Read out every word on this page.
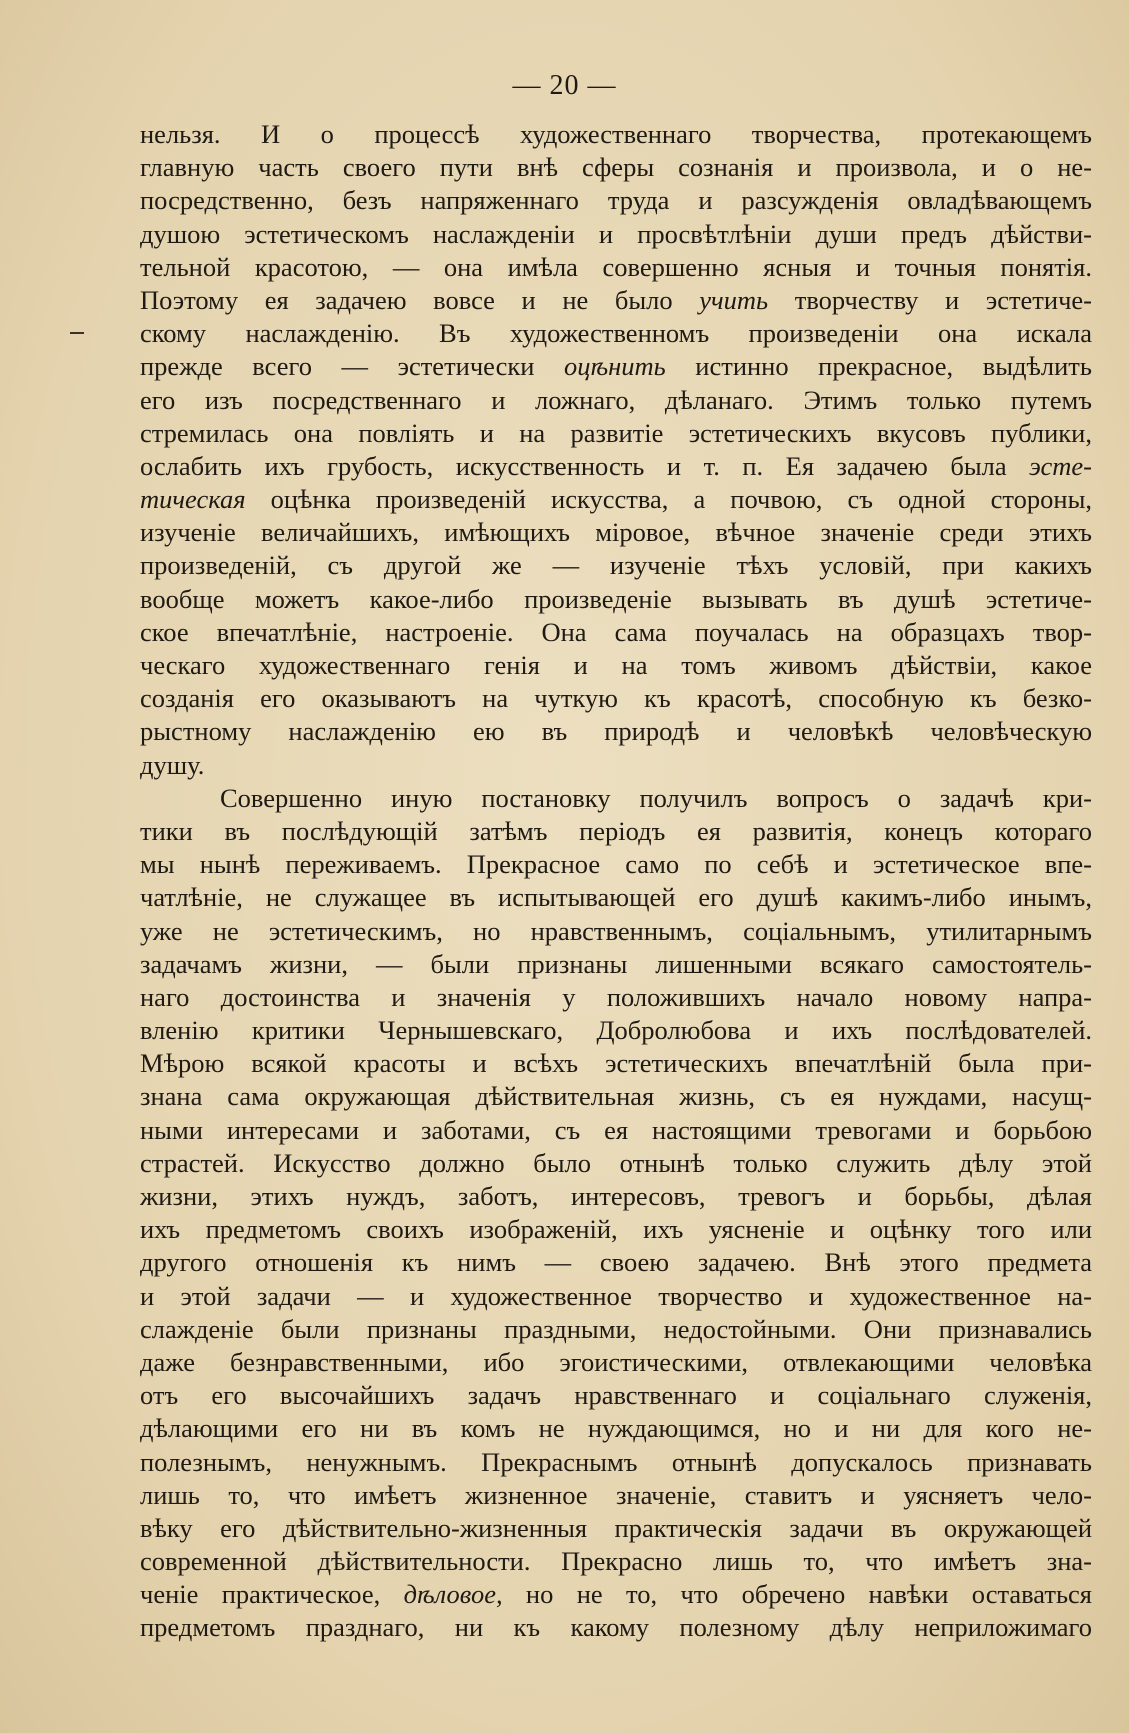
— 20 —
нельзя. И о процессѣ художественнаго творчества, протекающемъ
главную часть своего пути внѣ сферы сознанія и произвола, и о не-
посредственно, безъ напряженнаго труда и разсужденія овладѣвающемъ
душою эстетическомъ наслажденіи и просвѣтлѣніи души предъ дѣйстви-
тельной красотою, — она имѣла совершенно ясныя и точныя понятія.
Поэтому ея задачею вовсе и не было учить творчеству и эстетиче-
скому наслажденію. Въ художественномъ произведеніи она искала
прежде всего — эстетически оцѣнить истинно прекрасное, выдѣлить
его изъ посредственнаго и ложнаго, дѣланаго. Этимъ только путемъ
стремилась она повліять и на развитіе эстетическихъ вкусовъ публики,
ослабить ихъ грубость, искусственность и т. п. Ея задачею была эсте-
тическая оцѣнка произведеній искусства, а почвою, съ одной стороны,
изученіе величайшихъ, имѣющихъ міровое, вѣчное значеніе среди этихъ
произведеній, съ другой же — изученіе тѣхъ условій, при какихъ
вообще можетъ какое-либо произведеніе вызывать въ душѣ эстетиче-
ское впечатлѣніе, настроеніе. Она сама поучалась на образцахъ твор-
ческаго художественнаго генія и на томъ живомъ дѣйствіи, какое
созданія его оказываютъ на чуткую къ красотѣ, способную къ безко-
рыстному наслажденію ею въ природѣ и человѣкѣ человѣческую
душу.
Совершенно иную постановку получилъ вопросъ о задачѣ кри-
тики въ послѣдующій затѣмъ періодъ ея развитія, конецъ котораго
мы нынѣ переживаемъ. Прекрасное само по себѣ и эстетическое впе-
чатлѣніе, не служащее въ испытывающей его душѣ какимъ-либо инымъ,
уже не эстетическимъ, но нравственнымъ, соціальнымъ, утилитарнымъ
задачамъ жизни, — были признаны лишенными всякаго самостоятель-
наго достоинства и значенія у положившихъ начало новому напра-
вленію критики Чернышевскаго, Добролюбова и ихъ послѣдователей.
Мѣрою всякой красоты и всѣхъ эстетическихъ впечатлѣній была при-
знана сама окружающая дѣйствительная жизнь, съ ея нуждами, насущ-
ными интересами и заботами, съ ея настоящими тревогами и борьбою
страстей. Искусство должно было отнынѣ только служить дѣлу этой
жизни, этихъ нуждъ, заботъ, интересовъ, тревогъ и борьбы, дѣлая
ихъ предметомъ своихъ изображеній, ихъ уясненіе и оцѣнку того или
другого отношенія къ нимъ — своею задачею. Внѣ этого предмета
и этой задачи — и художественное творчество и художественное на-
слажденіе были признаны праздными, недостойными. Они признавались
даже безнравственными, ибо эгоистическими, отвлекающими человѣка
отъ его высочайшихъ задачъ нравственнаго и соціальнаго служенія,
дѣлающими его ни въ комъ не нуждающимся, но и ни для кого не-
полезнымъ, ненужнымъ. Прекраснымъ отнынѣ допускалось признавать
лишь то, что имѣетъ жизненное значеніе, ставитъ и уясняетъ чело-
вѣку его дѣйствительно-жизненныя практическія задачи въ окружающей
современной дѣйствительности. Прекрасно лишь то, что имѣетъ зна-
ченіе практическое, дѣловое, но не то, что обречено навѣки оставаться
предметомъ празднаго, ни къ какому полезному дѣлу неприложимаго
